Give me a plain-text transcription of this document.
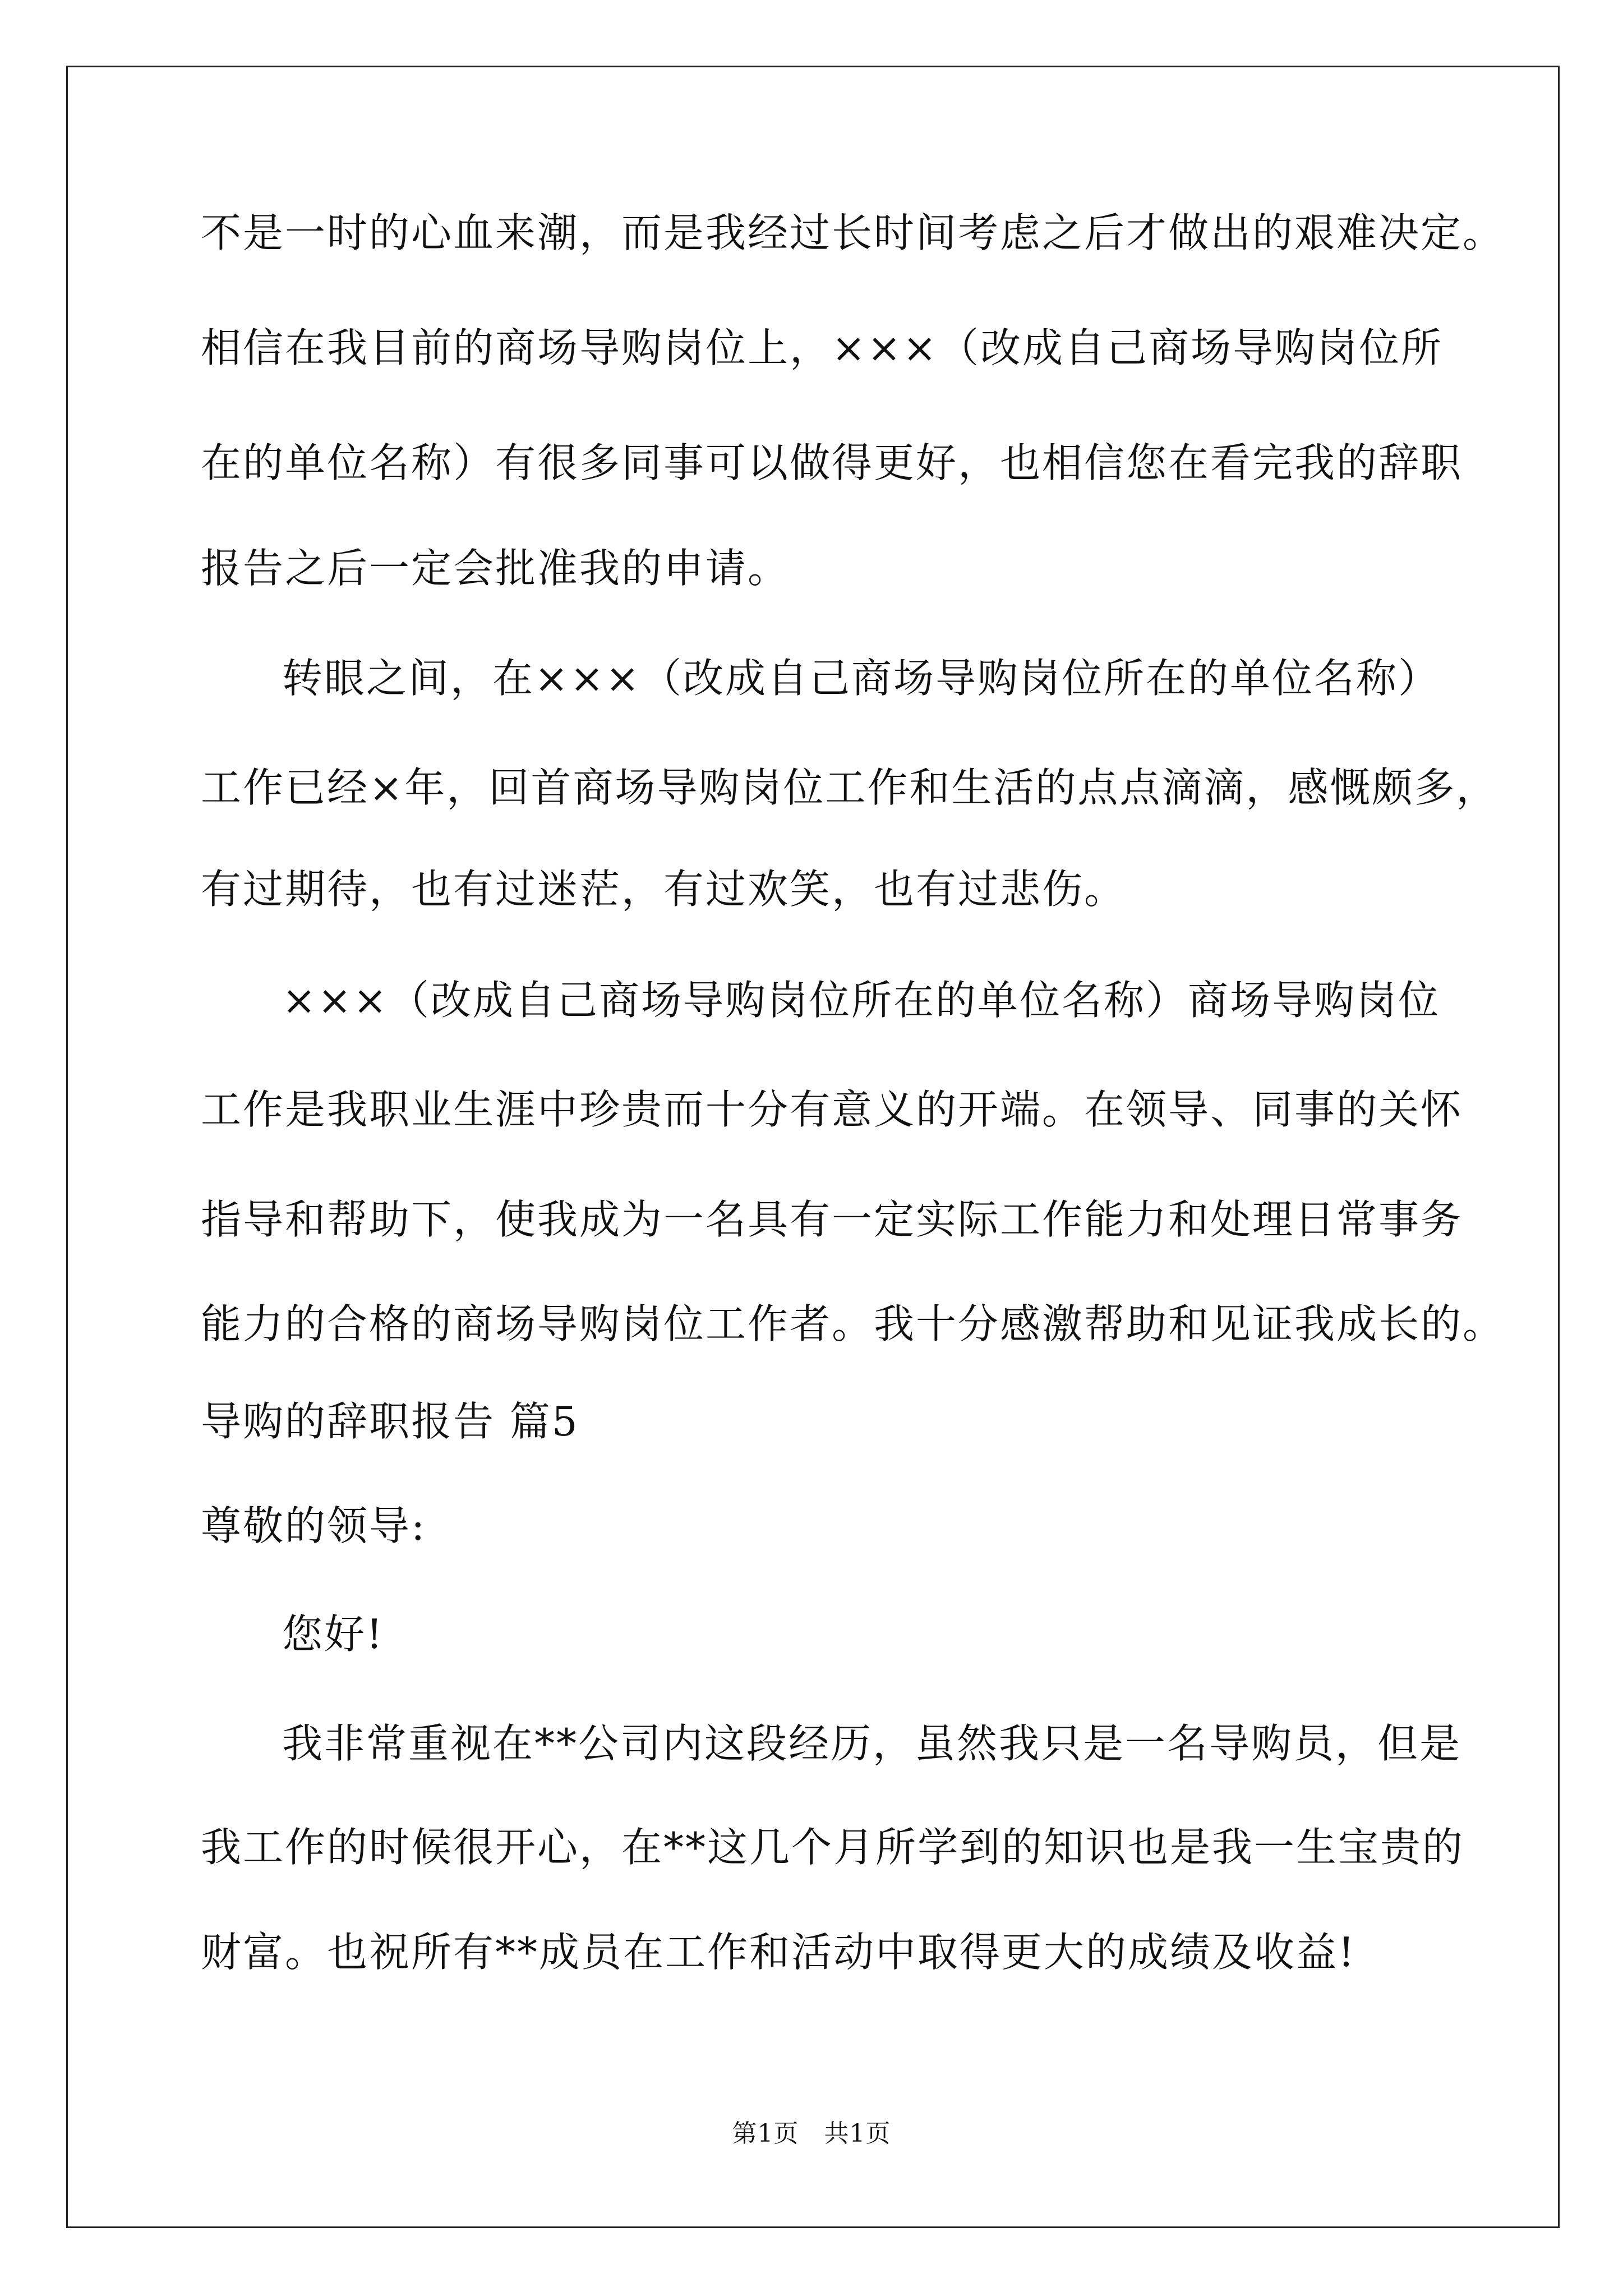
不是一时的心血来潮，而是我经过长时间考虑之后才做出的艰难决定。
相信在我目前的商场导购岗位上，×××（改成自己商场导购岗位所
在的单位名称）有很多同事可以做得更好，也相信您在看完我的辞职
报告之后一定会批准我的申请。
转眼之间，在×××（改成自己商场导购岗位所在的单位名称）
工作已经×年，回首商场导购岗位工作和生活的点点滴滴，感慨颇多，
有过期待，也有过迷茫，有过欢笑，也有过悲伤。
×××（改成自己商场导购岗位所在的单位名称）商场导购岗位
工作是我职业生涯中珍贵而十分有意义的开端。在领导、同事的关怀
指导和帮助下，使我成为一名具有一定实际工作能力和处理日常事务
能力的合格的商场导购岗位工作者。我十分感激帮助和见证我成长的。
导购的辞职报告 篇5
尊敬的领导:
您好!
我非常重视在**公司内这段经历，虽然我只是一名导购员，但是
我工作的时候很开心，在**这几个月所学到的知识也是我一生宝贵的
财富。也祝所有**成员在工作和活动中取得更大的成绩及收益!
第1页　共1页
